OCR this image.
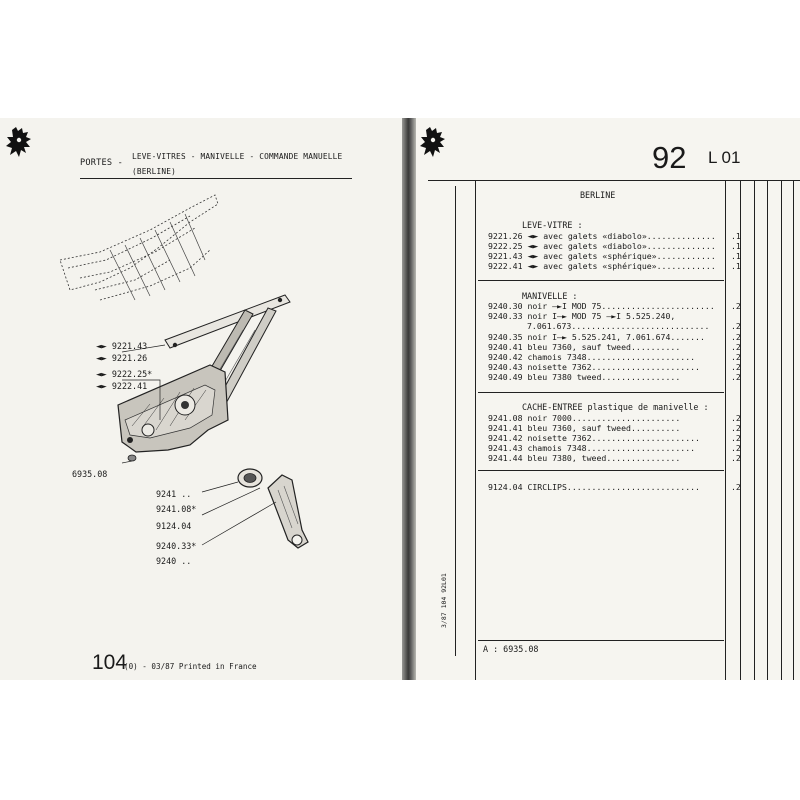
PORTES -
LEVE-VITRES - MANIVELLE - COMMANDE MANUELLE
(BERLINE)
◄► 9221.43
◄► 9221.26
◄► 9222.25*
◄► 9222.41
6935.08
9241 ..
9241.08*
9124.04
9240.33*
9240 ..
104
(0) - 03/87 Printed in France
92 L 01
BERLINE
LEVE-VITRE :
9221.26 ◄► avec galets «diabolo».............. .1
9222.25 ◄► avec galets «diabolo».............. .1
9221.43 ◄► avec galets «sphérique»............ .1
9222.41 ◄► avec galets «sphérique»............ .1
MANIVELLE :
9240.30 noir —►I MOD 75....................... .2
9240.33 noir I—► MOD 75 —►I 5.525.240,
7.061.673............................	.2
9240.35 noir I—► 5.525.241, 7.061.674.......	.2
9240.41 bleu 7360, sauf tweed..........	.2
9240.42 chamois 7348......................	.2
9240.43 noisette 7362......................	.2
9240.49 bleu 7380 tweed................	.2
CACHE-ENTREE plastique de manivelle :
9241.08 noir 7000......................	.2
9241.41 bleu 7360, sauf tweed..........	.2
9241.42 noisette 7362......................	.2
9241.43 chamois 7348......................	.2
9241.44 bleu 7380, tweed...............	.2
9124.04 CIRCLIPS...........................	.2
3/87 104 92L01
A : 6935.08
